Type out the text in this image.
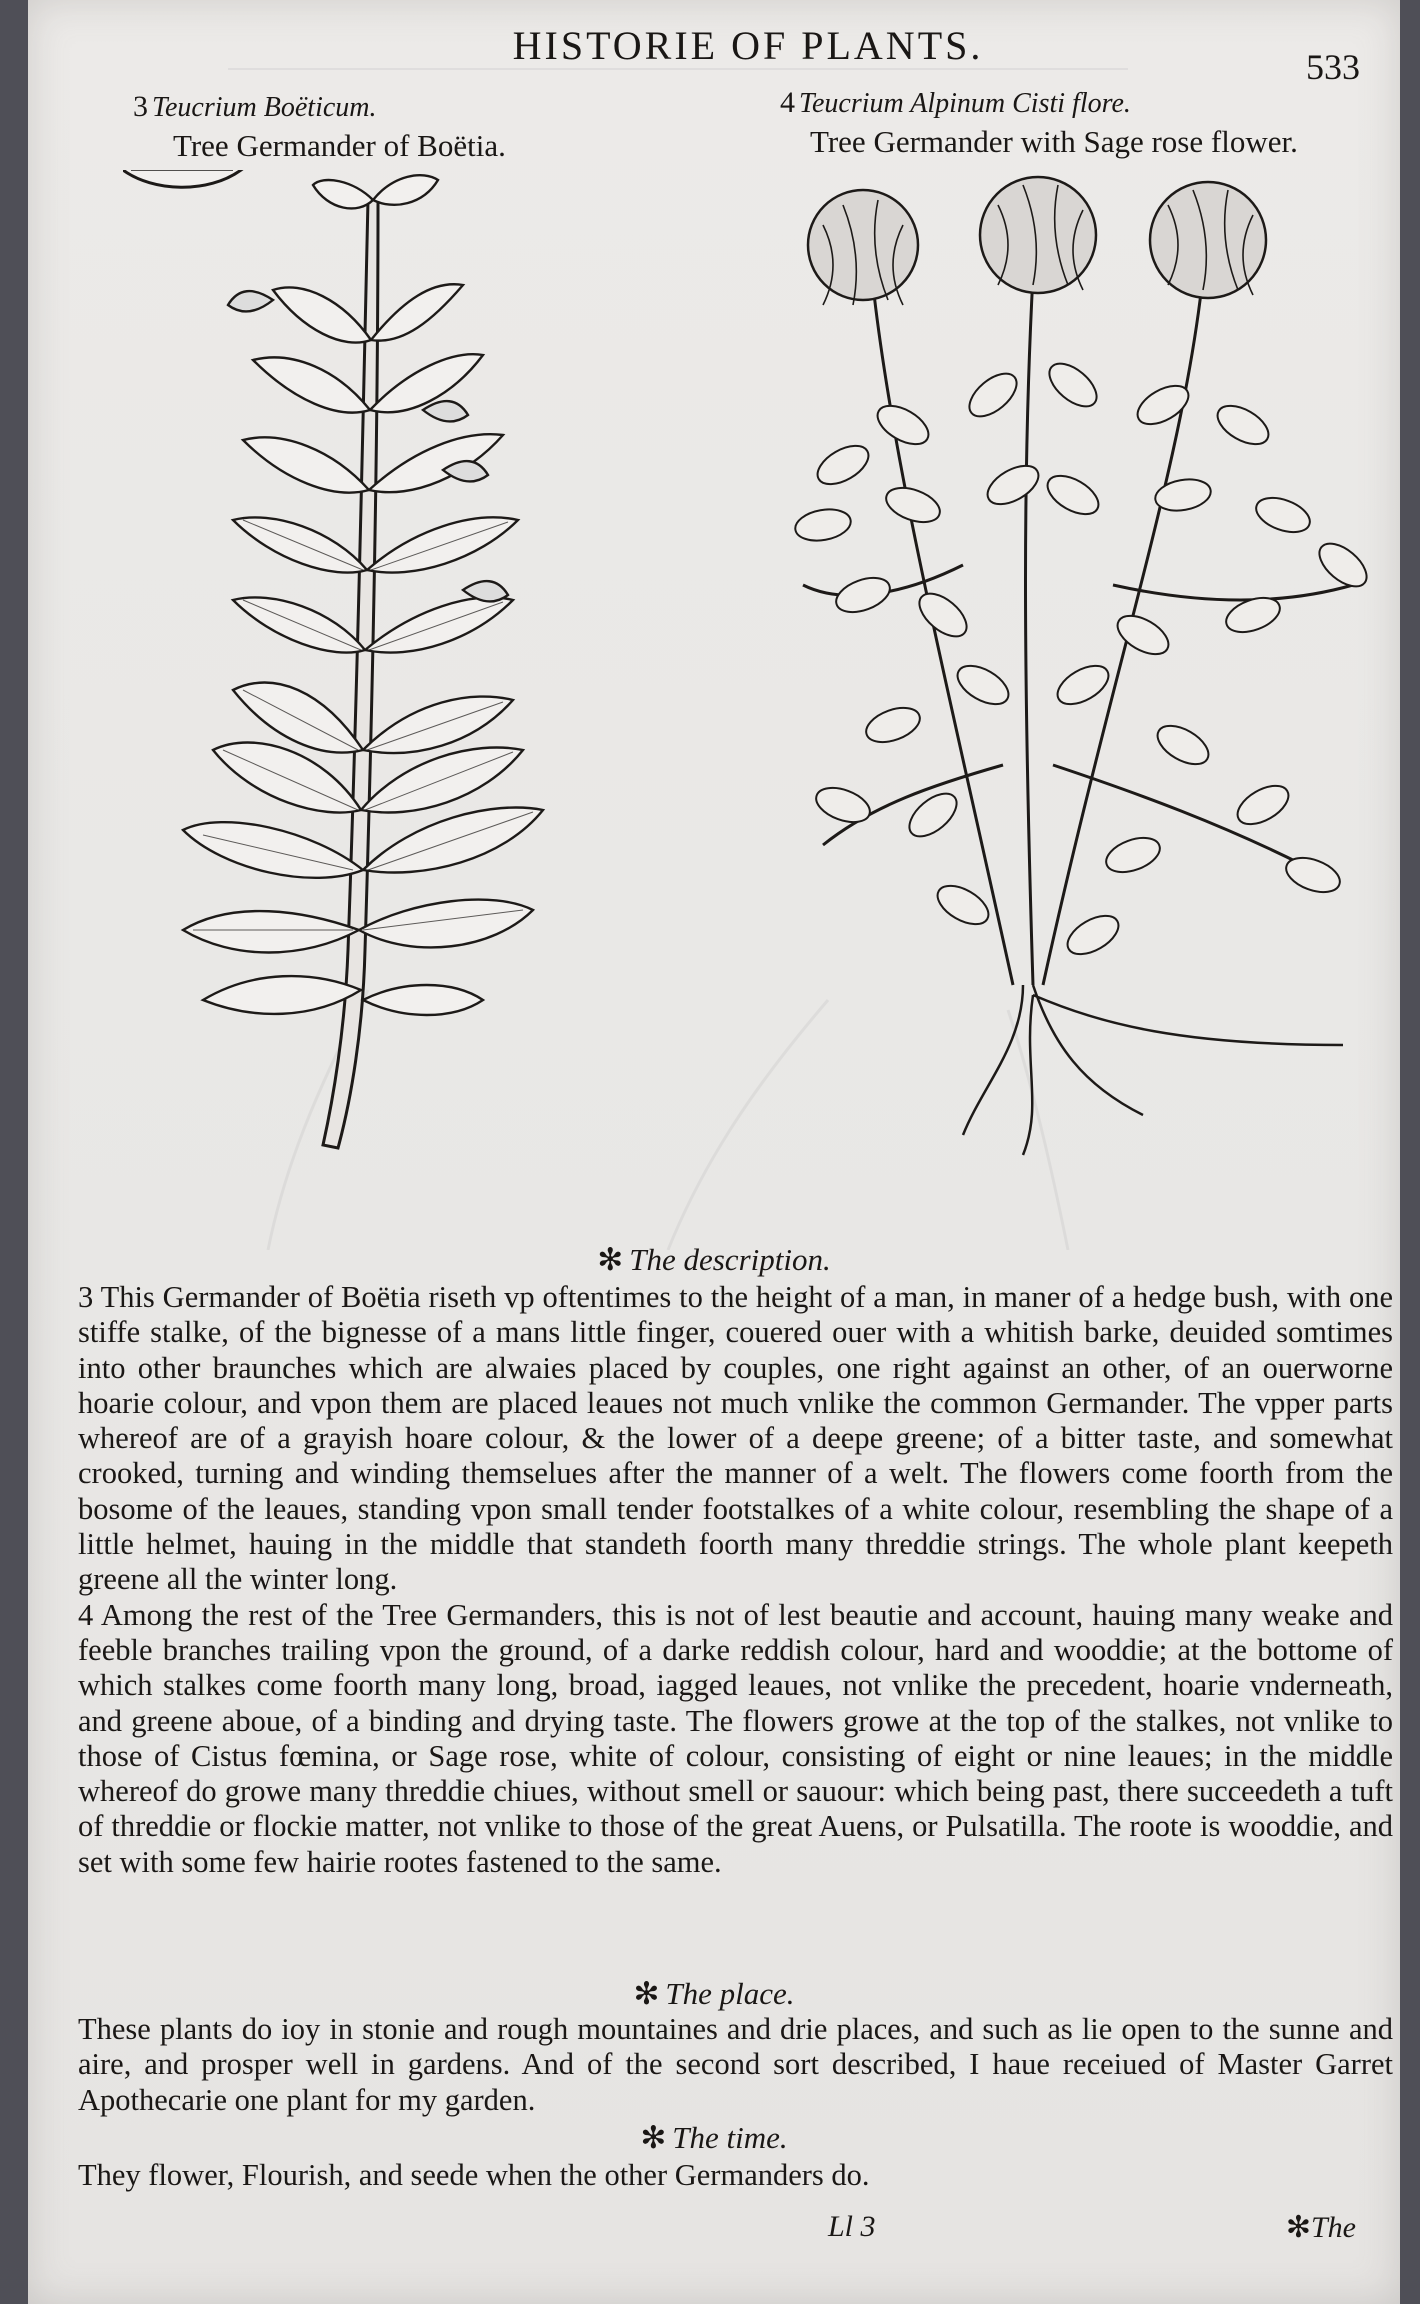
HISTORIE OF PLANTS.	533
3 Teucrium Boëticum.
Tree Germander of Boëtia.
4 Teucrium Alpinum Cisti flore.
Tree Germander with Sage rose flower.
✻ The description.

3 This Germander of Boëtia riseth vp oftentimes to the height of a man, in maner of a hedge bush, with one stiffe stalke, of the bignesse of a mans little finger, couered ouer with a whitish barke, deuided somtimes into other braunches which are alwaies placed by couples, one right against an other, of an ouerworne hoarie colour, and vpon them are placed leaues not much vnlike the common Germander. The vpper parts whereof are of a grayish hoare colour, & the lower of a deepe greene; of a bitter taste, and somewhat crooked, turning and winding themselues after the manner of a welt. The flowers come foorth from the bosome of the leaues, standing vpon small tender footstalkes of a white colour, resembling the shape of a little helmet, hauing in the middle that standeth foorth many threddie strings. The whole plant keepeth greene all the winter long.

4 Among the rest of the Tree Germanders, this is not of lest beautie and account, hauing many weake and feeble branches trailing vpon the ground, of a darke reddish colour, hard and wooddie; at the bottome of which stalkes come foorth many long, broad, iagged leaues, not vnlike the precedent, hoarie vnderneath, and greene aboue, of a binding and drying taste. The flowers growe at the top of the stalkes, not vnlike to those of Cistus fœmina, or Sage rose, white of colour, consisting of eight or nine leaues; in the middle whereof do growe many threddie chiues, without smell or sauour: which being past, there succeedeth a tuft of threddie or flockie matter, not vnlike to those of the great Auens, or Pulsatilla. The roote is wooddie, and set with some few hairie rootes fastened to the same.

✻ The place.

These plants do ioy in stonie and rough mountaines and drie places, and such as lie open to the sunne and aire, and prosper well in gardens. And of the second sort described, I haue receiued of Master Garret Apothecarie one plant for my garden.

✻ The time.

They flower, Flourish, and seede when the other Germanders do.

Ll 3	✻The
